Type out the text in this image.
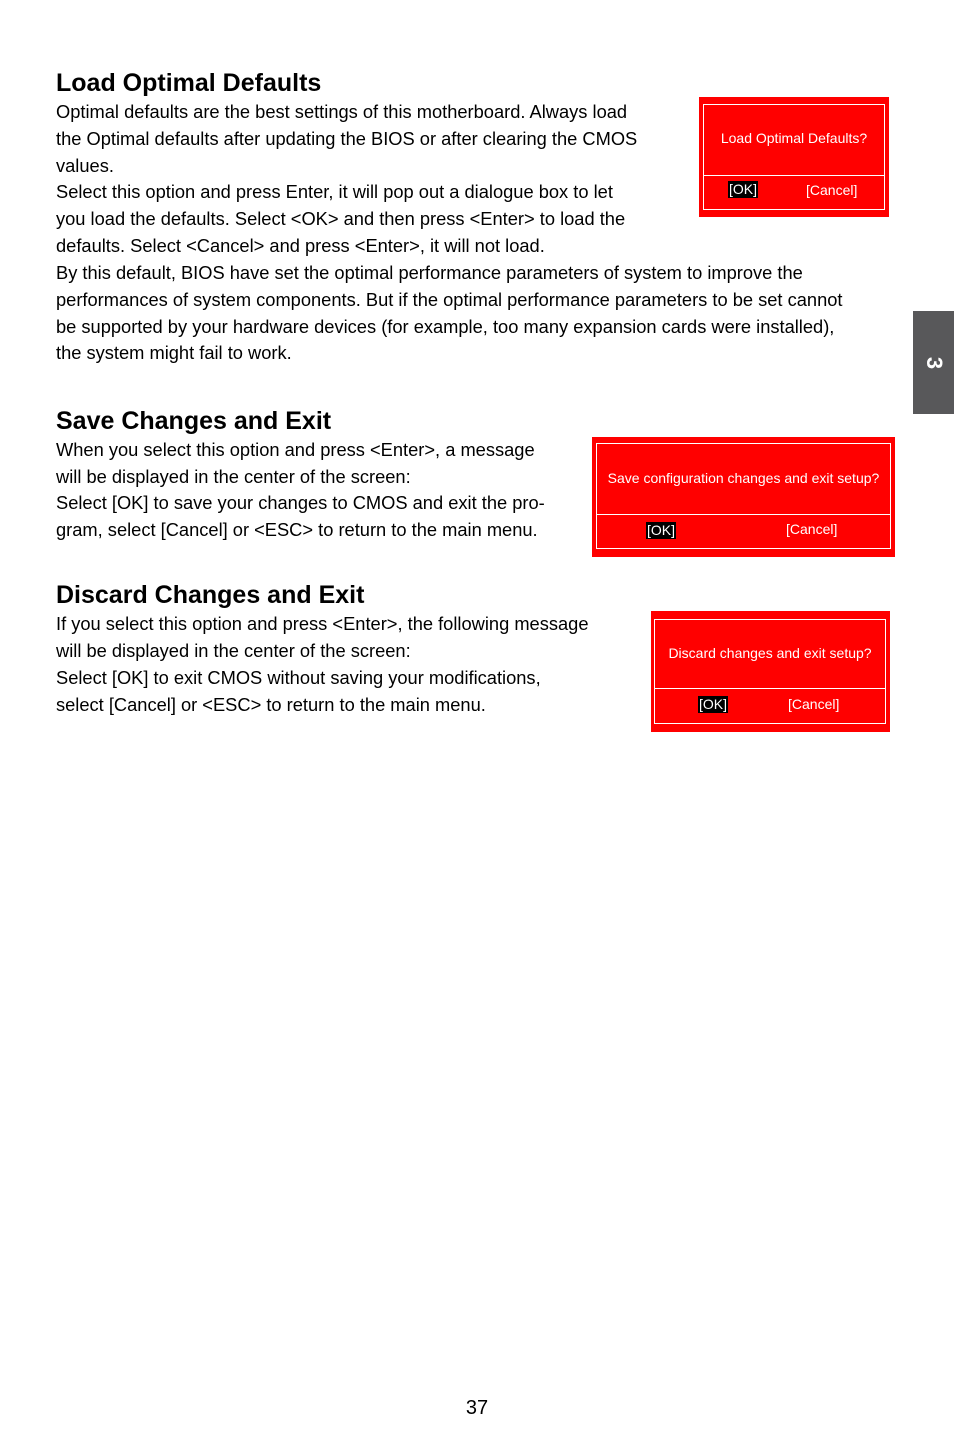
Load Optimal Defaults

Optimal defaults are the best settings of this motherboard. Always load

the Optimal defaults after updating the BIOS or after clearing the CMOS

values.

Select this option and press Enter, it will pop out a dialogue box to let

you load the defaults. Select <OK> and then press <Enter> to load the

defaults. Select <Cancel> and press <Enter>, it will not load.

By this default, BIOS have set the optimal performance parameters of system to improve the

performances of system components. But if the optimal performance parameters to be set cannot

be supported by your hardware devices (for example, too many expansion cards were installed),

the system might fail to work.

Load Optimal Defaults?
[OK]	[Cancel]
Save Changes and Exit

When you select this option and press <Enter>, a message

will be displayed in the center of the screen:

Select [OK] to save your changes to CMOS and exit the pro-

gram, select [Cancel] or <ESC> to return to the main menu.

Save configuration changes and exit setup?
[OK]	[Cancel]
Discard Changes and Exit

If you select this option and press <Enter>, the following message

will be displayed in the center of the screen:

Select [OK] to exit CMOS without saving your modifications,

select [Cancel] or <ESC> to return to the main menu.

Discard changes and exit setup?
[OK]	[Cancel]
3
37
